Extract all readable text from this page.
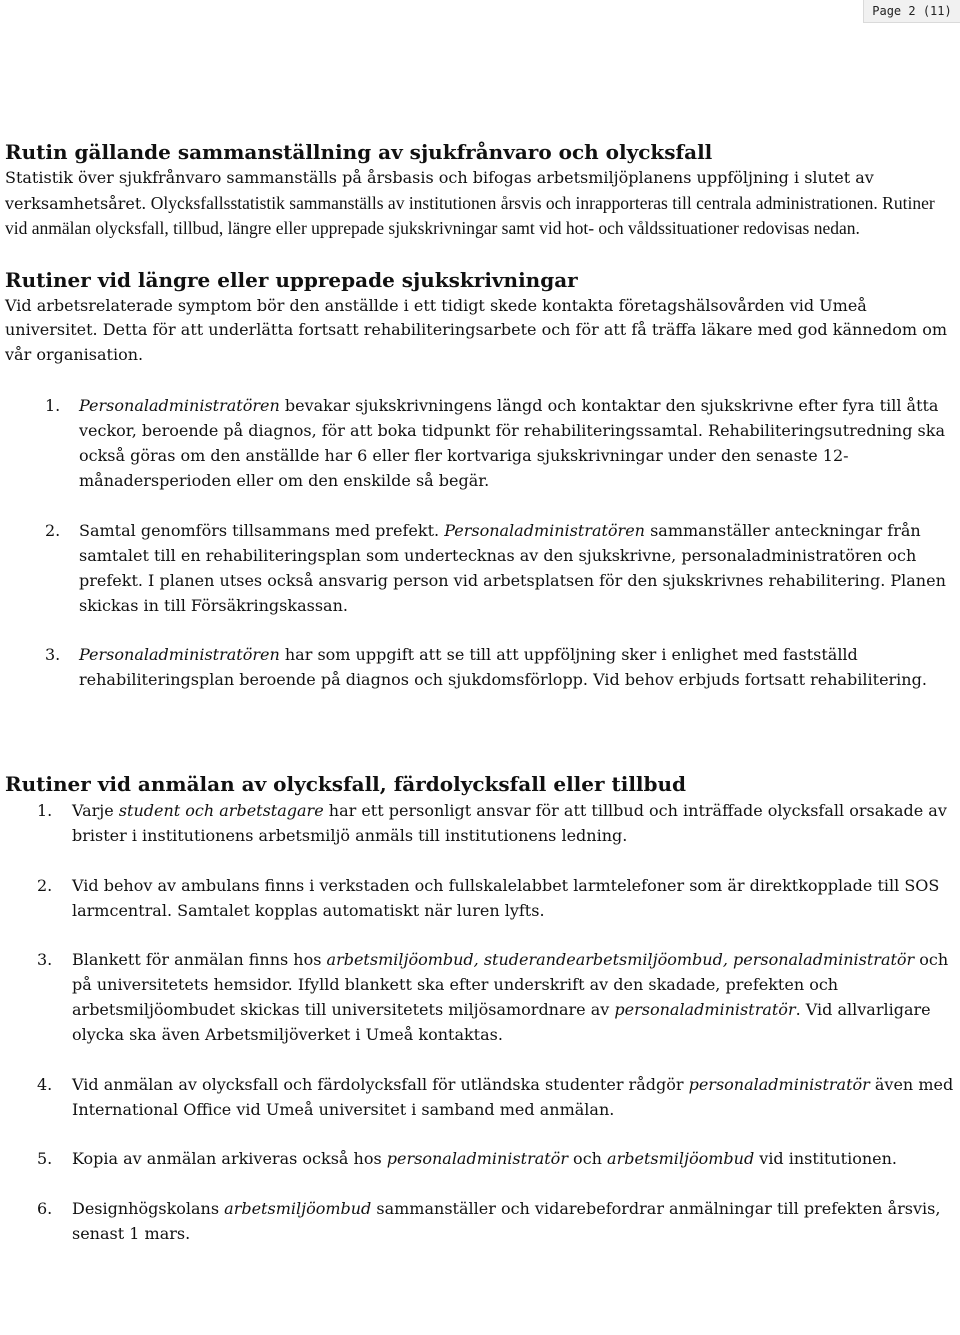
Page 2 (11)
Rutin gällande sammanställning av sjukfrånvaro och olycksfall

Statistik över sjukfrånvaro sammanställs på årsbasis och bifogas arbetsmiljöplanens uppföljning i slutet av verksamhetsåret. Olycksfallsstatistik sammanställs av institutionen årsvis och inrapporteras till centrala administrationen. Rutiner vid anmälan olycksfall, tillbud, längre eller upprepade sjukskrivningar samt vid hot- och våldssituationer redovisas nedan.

Rutiner vid längre eller upprepade sjukskrivningar

Vid arbetsrelaterade symptom bör den anställde i ett tidigt skede kontakta företagshälsovården vid Umeå universitet. Detta för att underlätta fortsatt rehabiliteringsarbete och för att få träffa läkare med god kännedom om vår organisation.

1. Personaladministratören bevakar sjukskrivningens längd och kontaktar den sjukskrivne efter fyra till åtta veckor, beroende på diagnos, för att boka tidpunkt för rehabiliteringssamtal. Rehabiliteringsutredning ska också göras om den anställde har 6 eller fler kortvariga sjukskrivningar under den senaste 12-månadersperioden eller om den enskilde så begär.
2. Samtal genomförs tillsammans med prefekt. Personaladministratören sammanställer anteckningar från samtalet till en rehabiliteringsplan som undertecknas av den sjukskrivne, personaladministratören och prefekt. I planen utses också ansvarig person vid arbetsplatsen för den sjukskrivnes rehabilitering. Planen skickas in till Försäkringskassan.
3. Personaladministratören har som uppgift att se till att uppföljning sker i enlighet med fastställd rehabiliteringsplan beroende på diagnos och sjukdomsförlopp. Vid behov erbjuds fortsatt rehabilitering.
Rutiner vid anmälan av olycksfall, färdolycksfall eller tillbud
1. Varje student och arbetstagare har ett personligt ansvar för att tillbud och inträffade olycksfall orsakade av brister i institutionens arbetsmiljö anmäls till institutionens ledning.
2. Vid behov av ambulans finns i verkstaden och fullskalelabbet larmtelefoner som är direktkopplade till SOS larmcentral. Samtalet kopplas automatiskt när luren lyfts.
3. Blankett för anmälan finns hos arbetsmiljöombud, studerandearbetsmiljöombud, personaladministratör och på universitetets hemsidor. Ifylld blankett ska efter underskrift av den skadade, prefekten och arbetsmiljöombudet skickas till universitetets miljösamordnare av personaladministratör. Vid allvarligare olycka ska även Arbetsmiljöverket i Umeå kontaktas.
4. Vid anmälan av olycksfall och färdolycksfall för utländska studenter rådgör personaladministratör även med International Office vid Umeå universitet i samband med anmälan.
5. Kopia av anmälan arkiveras också hos personaladministratör och arbetsmiljöombud vid institutionen.
6. Designhögskolans arbetsmiljöombud sammanställer och vidarebefordrar anmälningar till prefekten årsvis, senast 1 mars.
